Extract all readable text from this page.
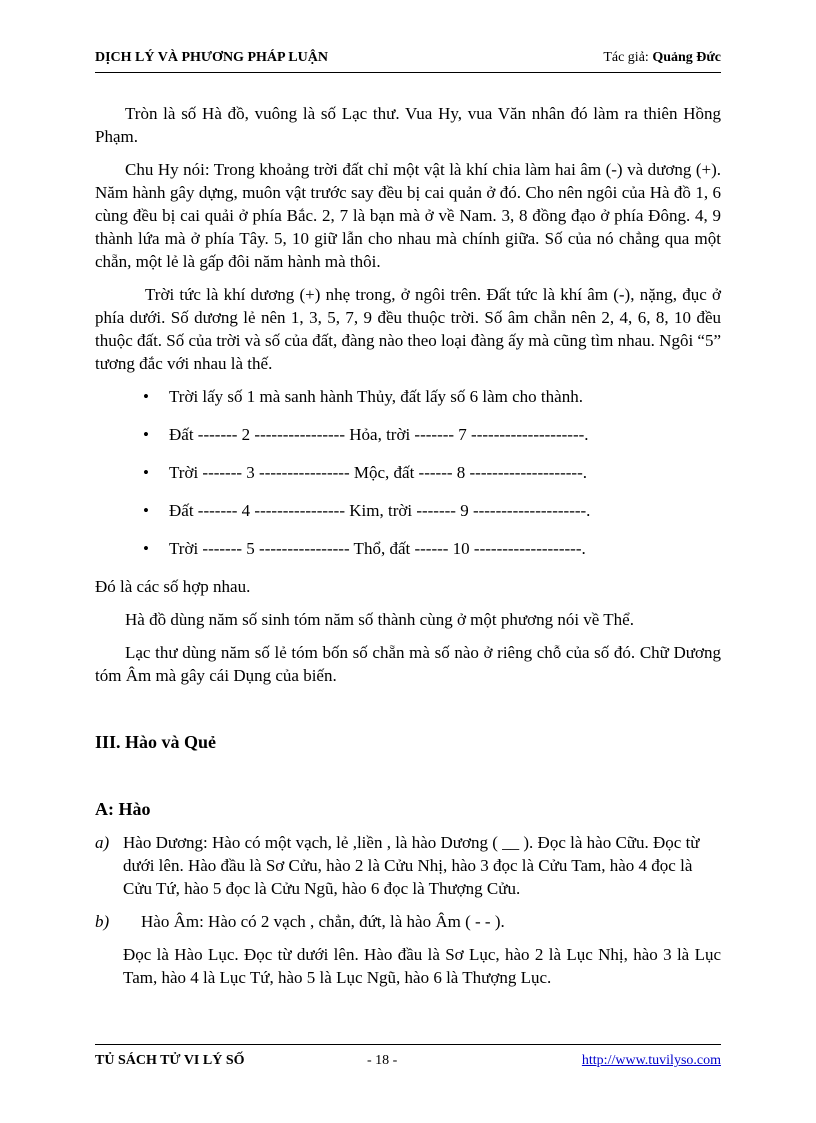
DỊCH LÝ VÀ PHƯƠNG PHÁP LUẬN	Tác giả: Quảng Đức

Tròn là số Hà đồ, vuông là số Lạc thư. Vua Hy, vua Văn nhân đó làm ra thiên Hồng Phạm.

Chu Hy nói: Trong khoảng trời đất chỉ một vật là khí chia làm hai âm (-) và dương (+). Năm hành gây dựng, muôn vật trước say đều bị cai quản ở đó. Cho nên ngôi của Hà đồ 1, 6 cùng đều bị cai quải ở phía Bắc. 2, 7 là bạn mà ở về Nam. 3, 8 đồng đạo ở phía Đông. 4, 9 thành lứa mà ở phía Tây. 5, 10 giữ lẫn cho nhau mà chính giữa. Số của nó chẳng qua một chẵn, một lẻ là gấp đôi năm hành mà thôi.

Trời tức là khí dương (+) nhẹ trong, ở ngôi trên. Đất tức là khí âm (-), nặng, đục ở phía dưới. Số dương lẻ nên 1, 3, 5, 7, 9 đều thuộc trời. Số âm chẵn nên 2, 4, 6, 8, 10 đều thuộc đất. Số của trời và số của đất, đàng nào theo loại đàng ấy mà cũng tìm nhau. Ngôi “5” tương đắc với nhau là thế.

• Trời lấy số 1 mà sanh hành Thủy, đất lấy số 6 làm cho thành.
• Đất ------- 2 ---------------- Hỏa, trời ------- 7 --------------------.
• Trời ------- 3 ---------------- Mộc, đất ------ 8 --------------------.
• Đất ------- 4 ---------------- Kim, trời ------- 9 --------------------.
• Trời ------- 5 ---------------- Thổ, đất ------ 10 -------------------.

Đó là các số hợp nhau.

Hà đồ dùng năm số sinh tóm năm số thành cùng ở một phương nói về Thể.

Lạc thư dùng năm số lẻ tóm bốn số chẵn mà số nào ở riêng chỗ của số đó. Chữ Dương tóm Âm mà gây cái Dụng của biến.

III. Hào và Quẻ
A: Hào
a) Hào Dương: Hào có một vạch, lẻ ,liền , là hào Dương ( __ ). Đọc là hào Cữu. Đọc từ dưới lên. Hào đầu là Sơ Cửu, hào 2 là Cửu Nhị, hào 3 đọc là Cửu Tam, hào 4 đọc là Cửu Tứ, hào 5 đọc là Cửu Ngũ, hào 6 đọc là Thượng Cửu.
b) Hào Âm: Hào có 2 vạch , chẳn, đứt, là hào Âm ( - - ).

Đọc là Hào Lục. Đọc từ dưới lên. Hào đầu là Sơ Lục, hào 2 là Lục Nhị, hào 3 là Lục Tam, hào 4 là Lục Tứ, hào 5 là Lục Ngũ, hào 6 là Thượng Lục.

TỦ SÁCH TỬ VI LÝ SỐ	- 18 -	http://www.tuvilyso.com
